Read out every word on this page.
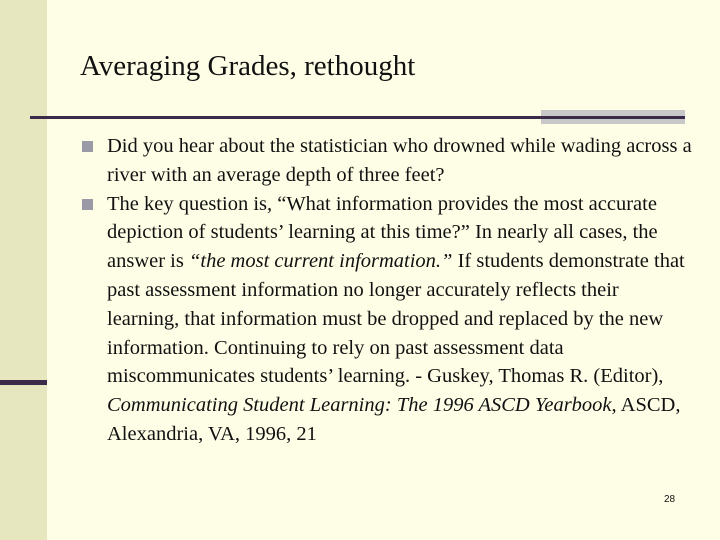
Averaging Grades, rethought

Did you hear about the statistician who drowned while wading across a river with an average depth of three feet?

The key question is, “What information provides the most accurate depiction of students’ learning at this time?” In nearly all cases, the answer is “the most current information.” If students demonstrate that past assessment information no longer accurately reflects their learning, that information must be dropped and replaced by the new information. Continuing to rely on past assessment data miscommunicates students’ learning. - Guskey, Thomas R. (Editor), Communicating Student Learning: The 1996 ASCD Yearbook, ASCD, Alexandria, VA, 1996, 21

28
